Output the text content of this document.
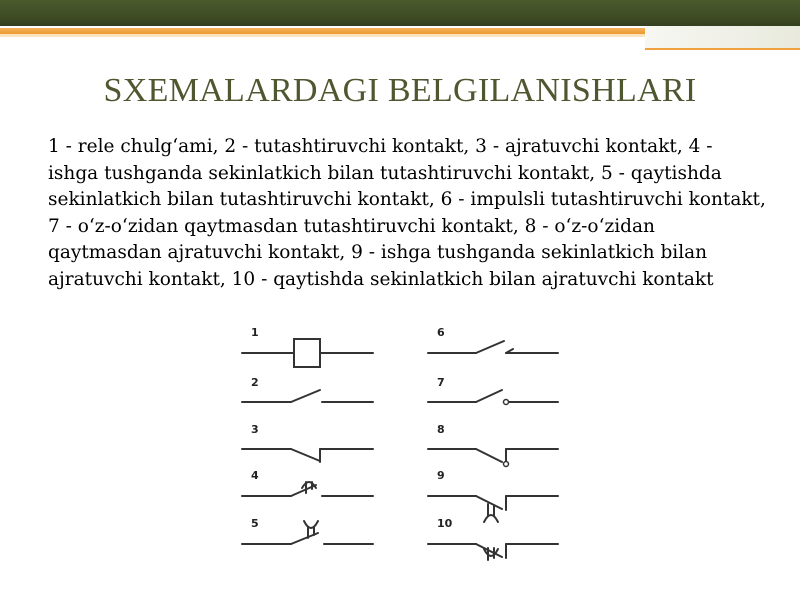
SXEMALARDAGI BELGILANISHLARI

1 - rele chulg‘ami, 2 - tutashtiruvchi kontakt, 3 - ajratuvchi kontakt, 4 - ishga tushganda sekinlatkich bilan tutashtiruvchi kontakt, 5 - qaytishda sekinlatkich bilan tutashtiruvchi kontakt, 6 - impulsli tutashtiruvchi kontakt, 7 - o‘z-o‘zidan qaytmasdan tutashtiruvchi kontakt, 8 - o‘z-o‘zidan qaytmasdan ajratuvchi kontakt, 9 - ishga tushganda sekinlatkich bilan ajratuvchi kontakt, 10 - qaytishda sekinlatkich bilan ajratuvchi kontakt

1
2
3
4
5
6
7
8
9
10
